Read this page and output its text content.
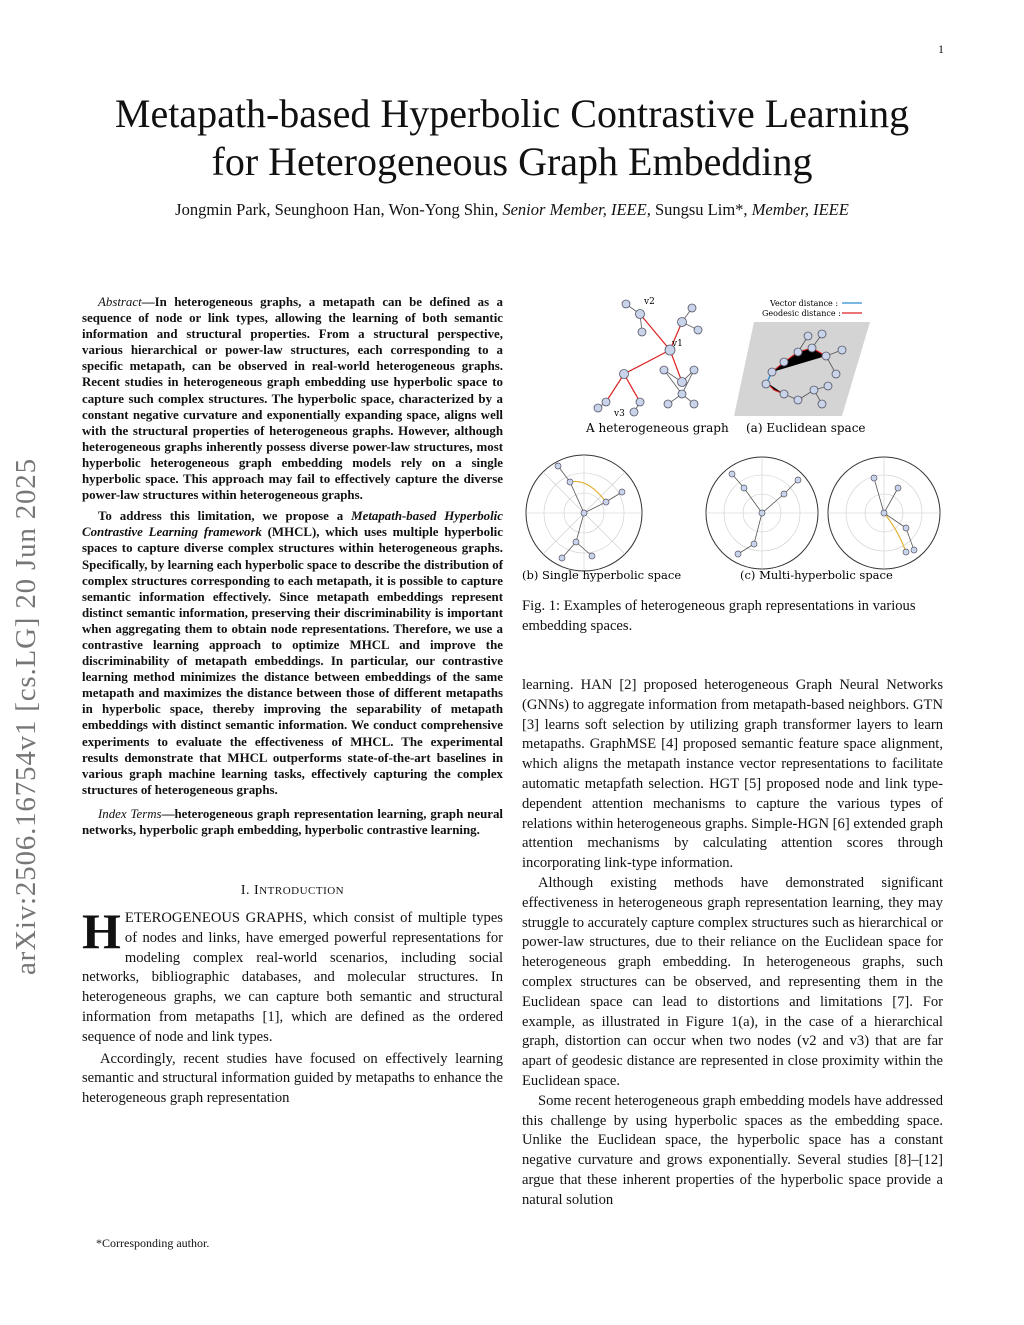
1
arXiv:2506.16754v1 [cs.LG] 20 Jun 2025
Metapath-based Hyperbolic Contrastive Learning
for Heterogeneous Graph Embedding
Jongmin Park, Seunghoon Han, Won-Yong Shin, Senior Member, IEEE, Sungsu Lim*, Member, IEEE

Abstract—In heterogeneous graphs, a metapath can be defined as a sequence of node or link types, allowing the learning of both semantic information and structural properties. From a structural perspective, various hierarchical or power-law structures, each corresponding to a specific metapath, can be observed in real-world heterogeneous graphs. Recent studies in heterogeneous graph embedding use hyperbolic space to capture such complex structures. The hyperbolic space, characterized by a constant negative curvature and exponentially expanding space, aligns well with the structural properties of heterogeneous graphs. However, although heterogeneous graphs inherently possess diverse power-law structures, most hyperbolic heterogeneous graph embedding models rely on a single hyperbolic space. This approach may fail to effectively capture the diverse power-law structures within heterogeneous graphs.

To address this limitation, we propose a Metapath-based Hyperbolic Contrastive Learning framework (MHCL), which uses multiple hyperbolic spaces to capture diverse complex structures within heterogeneous graphs. Specifically, by learning each hyperbolic space to describe the distribution of complex structures corresponding to each metapath, it is possible to capture semantic information effectively. Since metapath embeddings represent distinct semantic information, preserving their discriminability is important when aggregating them to obtain node representations. Therefore, we use a contrastive learning approach to optimize MHCL and improve the discriminability of metapath embeddings. In particular, our contrastive learning method minimizes the distance between embeddings of the same metapath and maximizes the distance between those of different metapaths in hyperbolic space, thereby improving the separability of metapath embeddings with distinct semantic information. We conduct comprehensive experiments to evaluate the effectiveness of MHCL. The experimental results demonstrate that MHCL outperforms state-of-the-art baselines in various graph machine learning tasks, effectively capturing the complex structures of heterogeneous graphs.

Index Terms—heterogeneous graph representation learning, graph neural networks, hyperbolic graph embedding, hyperbolic contrastive learning.

I. INTRODUCTION

HETEROGENEOUS GRAPHS, which consist of multiple types of nodes and links, have emerged powerful representations for modeling complex real-world scenarios, including social networks, bibliographic databases, and molecular structures. In heterogeneous graphs, we can capture both semantic and structural information from metapaths [1], which are defined as the ordered sequence of node and link types.

Accordingly, recent studies have focused on effectively learning semantic and structural information guided by metapaths to enhance the heterogeneous graph representation

*Corresponding author.
v2
v1
v3
A heterogeneous graph
Vector distance :
Geodesic distance :
(a) Euclidean space
(b) Single hyperbolic space	(c) Multi-hyperbolic space
Fig. 1: Examples of heterogeneous graph representations in various embedding spaces.

learning. HAN [2] proposed heterogeneous Graph Neural Networks (GNNs) to aggregate information from metapath-based neighbors. GTN [3] learns soft selection by utilizing graph transformer layers to learn metapaths. GraphMSE [4] proposed semantic feature space alignment, which aligns the metapath instance vector representations to facilitate automatic metapfath selection. HGT [5] proposed node and link type-dependent attention mechanisms to capture the various types of relations within heterogeneous graphs. Simple-HGN [6] extended graph attention mechanisms by calculating attention scores through incorporating link-type information.

Although existing methods have demonstrated significant effectiveness in heterogeneous graph representation learning, they may struggle to accurately capture complex structures such as hierarchical or power-law structures, due to their reliance on the Euclidean space for heterogeneous graph embedding. In heterogeneous graphs, such complex structures can be observed, and representing them in the Euclidean space can lead to distortions and limitations [7]. For example, as illustrated in Figure 1(a), in the case of a hierarchical graph, distortion can occur when two nodes (v2 and v3) that are far apart of geodesic distance are represented in close proximity within the Euclidean space.

Some recent heterogeneous graph embedding models have addressed this challenge by using hyperbolic spaces as the embedding space. Unlike the Euclidean space, the hyperbolic space has a constant negative curvature and grows exponentially. Several studies [8]–[12] argue that these inherent properties of the hyperbolic space provide a natural solution
